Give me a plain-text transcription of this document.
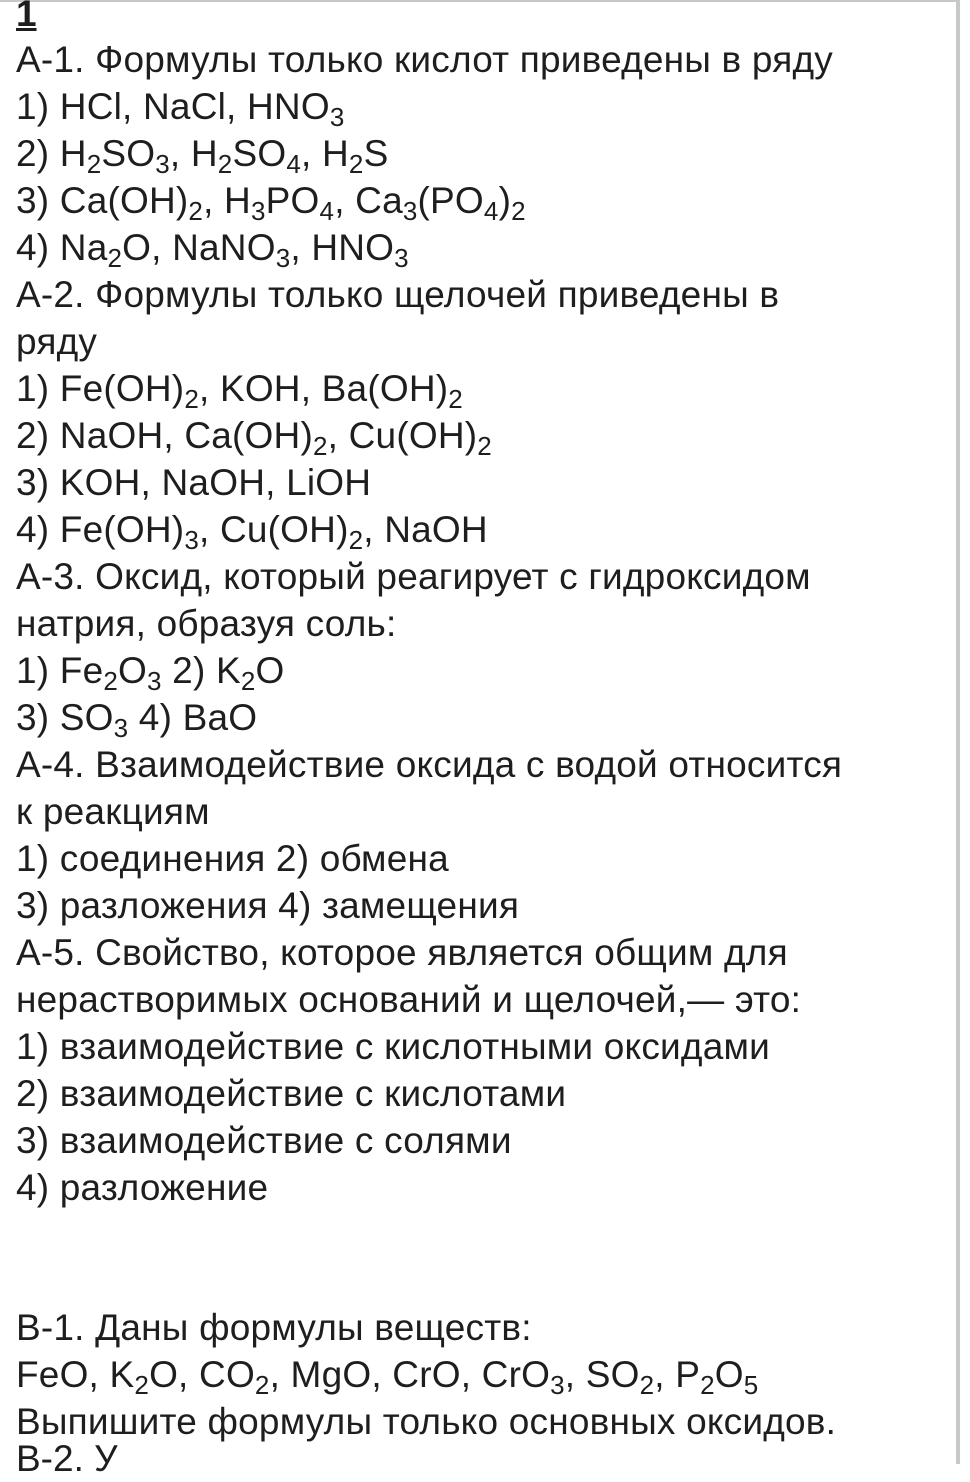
1
А-1. Формулы только кислот приведены в ряду
1) HCl, NaCl, $HNO_3$
2) $H_2SO_3$, $H_2SO_4$, $H_2S$
3) $Ca(OH)_2$, $H_3PO_4$, $Ca_3(PO_4)_2$
4) $Na_2O$, NaNO$_3$, $HNO_3$
А-2. Формулы только щелочей приведены в
ряду
1) $Fe(OH)_2$, KOH, $Ba(OH)_2$
2) NaOH, $Ca(OH)_2$, $Cu(OH)_2$
3) KOH, NaOH, LiOH
4) $Fe(OH)_3$, $Cu(OH)_2$, NaOH
А-3. Оксид, который реагирует с гидроксидом
натрия, образуя соль:
1) $Fe_2O_3$ 2) $K_2O$
3) $SO_3$ 4) BaO
А-4. Взаимодействие оксида с водой относится
к реакциям
1) соединения 2) обмена
3) разложения 4) замещения
А-5. Свойство, которое является общим для
нерастворимых оснований и щелочей,— это:
1) взаимодействие с кислотными оксидами
2) взаимодействие с кислотами
3) взаимодействие с солями
4) разложение
В-1. Даны формулы веществ:
FeO, $K_2O$, $CO_2$, MgO, CrO, CrO$_3$, $SO_2$, $P_2O_5$
Выпишите формулы только основных оксидов.
В-2. У
